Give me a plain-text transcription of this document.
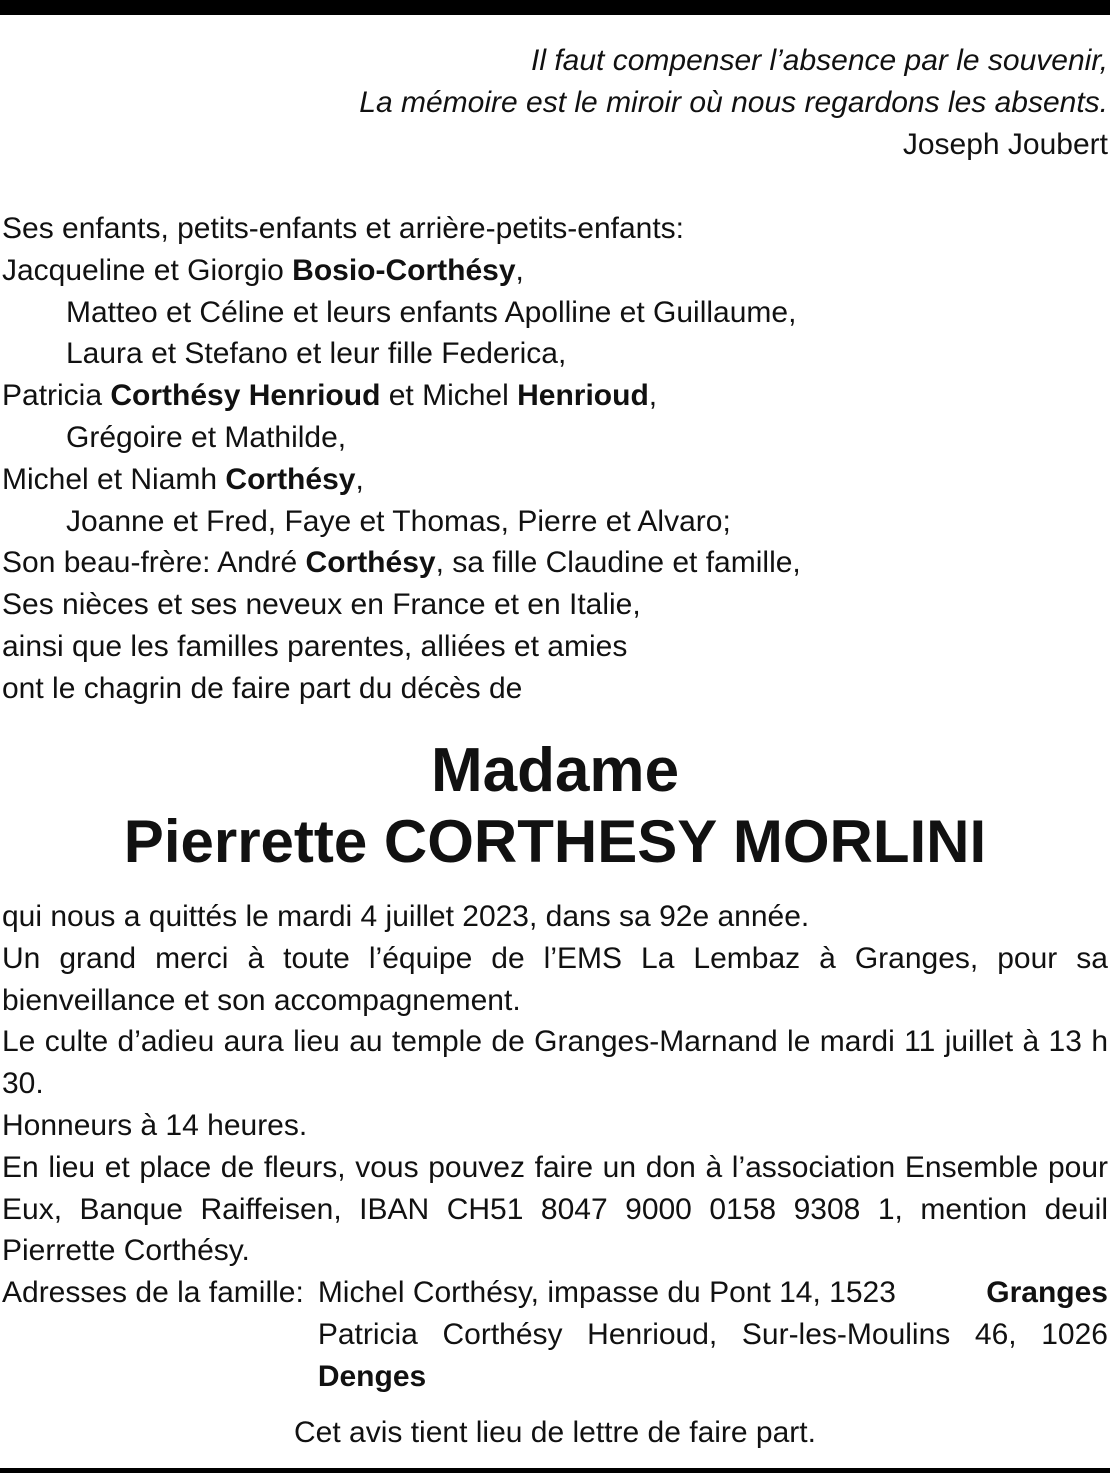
Il faut compenser l’absence par le souvenir,
La mémoire est le miroir où nous regardons les absents.
Joseph Joubert
Ses enfants, petits-enfants et arrière-petits-enfants:
Jacqueline et Giorgio Bosio-Corthésy,
Matteo et Céline et leurs enfants Apolline et Guillaume,
Laura et Stefano et leur fille Federica,
Patricia Corthésy Henrioud et Michel Henrioud,
Grégoire et Mathilde,
Michel et Niamh Corthésy,
Joanne et Fred, Faye et Thomas, Pierre et Alvaro;
Son beau-frère: André Corthésy, sa fille Claudine et famille,
Ses nièces et ses neveux en France et en Italie,
ainsi que les familles parentes, alliées et amies
ont le chagrin de faire part du décès de
Madame
Pierrette CORTHESY MORLINI
qui nous a quittés le mardi 4 juillet 2023, dans sa 92e année.
Un grand merci à toute l’équipe de l’EMS La Lembaz à Granges, pour sa bienveillance et son accompagnement.
Le culte d’adieu aura lieu au temple de Granges-Marnand le mardi 11 juillet à 13 h 30.
Honneurs à 14 heures.
En lieu et place de fleurs, vous pouvez faire un don à l’association Ensemble pour Eux, Banque Raiffeisen, IBAN CH51 8047 9000 0158 9308 1, mention deuil Pierrette Corthésy.
Adresses de la famille: Michel Corthésy, impasse du Pont 14, 1523	Granges
Patricia Corthésy Henrioud, Sur-les-Moulins 46, 1026 Denges
Cet avis tient lieu de lettre de faire part.
